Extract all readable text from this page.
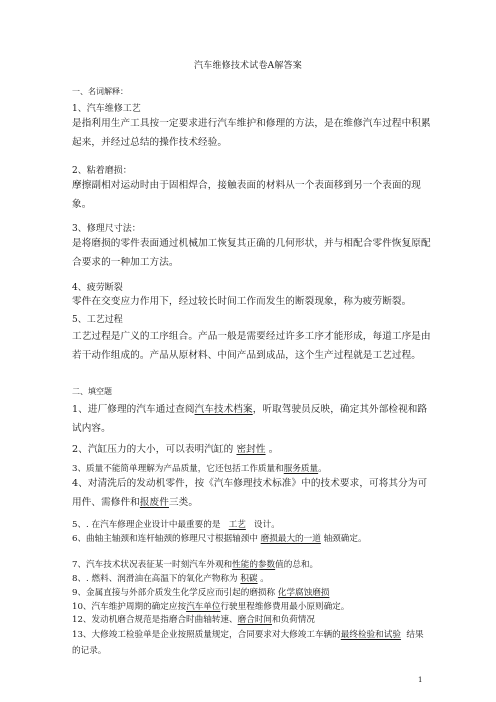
汽车维修技术试卷A解答案
一、名词解释：
1、汽车维修工艺
是指利用生产工具按一定要求进行汽车维护和修理的方法，是在维修汽车过程中积累起来，并经过总结的操作技术经验。
2、粘着磨损：
摩擦副相对运动时由于固相焊合，接触表面的材料从一个表面移到另一个表面的现象。
3、修理尺寸法：
是将磨损的零件表面通过机械加工恢复其正确的几何形状，并与相配合零件恢复原配合要求的一种加工方法。
4、疲劳断裂
零件在交变应力作用下，经过较长时间工作而发生的断裂现象，称为疲劳断裂。
5、工艺过程
工艺过程是广义的工序组合。产品一般是需要经过许多工序才能形成，每道工序是由若干动作组成的。产品从原材料、中间产品到成品，这个生产过程就是工艺过程。
二、填空题
1、进厂修理的汽车通过查阅汽车技术档案，听取驾驶员反映，确定其外部检视和路试内容。
2、汽缸压力的大小，可以表明汽缸的 密封性 。
3、质量不能简单理解为产品质量，它还包括工作质量和服务质量。
4、对清洗后的发动机零件，按《汽车修理技术标准》中的技术要求，可将其分为可用件、需修件和报废件三类。
5、. 在汽车修理企业设计中最重要的是 工艺 设计。
6、曲轴主轴颈和连杆轴颈的修理尺寸根据轴颈中 磨损最大的一道 轴颈确定。
7、汽车技术状况表征某一时刻汽车外观和性能的参数值的总和。
8、. 燃料、润滑油在高温下的氧化产物称为 积碳 。
9、金属直接与外部介质发生化学反应而引起的磨损称 化学腐蚀磨损
10、汽车维护周期的确定应按汽车单位行驶里程维修费用最小原则确定。
12、发动机磨合规范是指磨合时曲轴转速、磨合时间和负荷情况
13、大修竣工检验单是企业按照质量规定，合同要求对大修竣工车辆的最终检验和试验 结果的记录。
1
